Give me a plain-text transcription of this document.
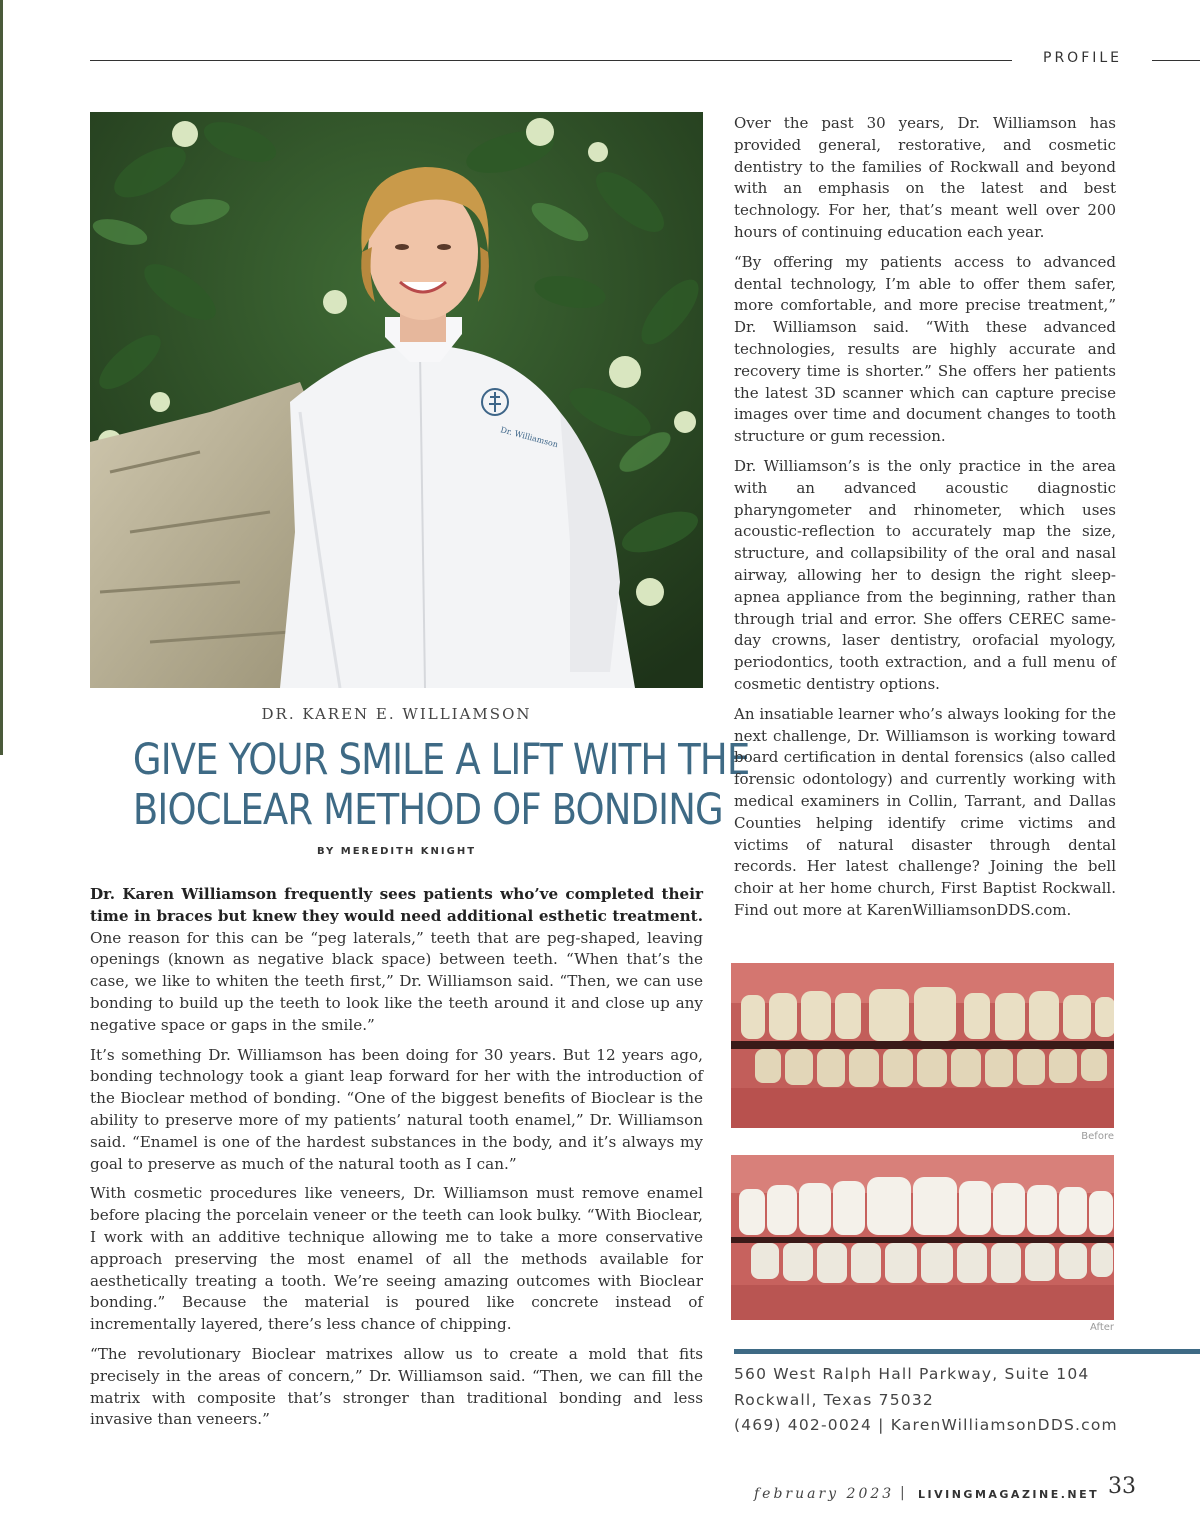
PROFILE
Dr. Williamson
DR. KAREN E. WILLIAMSON
GIVE YOUR SMILE A LIFT WITH THE
BIOCLEAR METHOD OF BONDING
BY MEREDITH KNIGHT

Dr. Karen Williamson frequently sees patients who’ve completed their time in braces but knew they would need additional esthetic treatment. One reason for this can be “peg laterals,” teeth that are peg-shaped, leaving openings (known as negative black space) between teeth. “When that’s the case, we like to whiten the teeth first,” Dr. Williamson said. “Then, we can use bonding to build up the teeth to look like the teeth around it and close up any negative space or gaps in the smile.”

It’s something Dr. Williamson has been doing for 30 years. But 12 years ago, bonding technology took a giant leap forward for her with the introduction of the Bioclear method of bonding. “One of the biggest benefits of Bioclear is the ability to preserve more of my patients’ natural tooth enamel,” Dr. Williamson said. “Enamel is one of the hardest substances in the body, and it’s always my goal to preserve as much of the natural tooth as I can.”

With cosmetic procedures like veneers, Dr. Williamson must remove enamel before placing the porcelain veneer or the teeth can look bulky. “With Bioclear, I work with an additive technique allowing me to take a more conservative approach preserving the most enamel of all the methods available for aesthetically treating a tooth. We’re seeing amazing outcomes with Bioclear bonding.” Because the material is poured like concrete instead of incrementally layered, there’s less chance of chipping.

“The revolutionary Bioclear matrixes allow us to create a mold that fits precisely in the areas of concern,” Dr. Williamson said. “Then, we can fill the matrix with composite that’s stronger than traditional bonding and less invasive than veneers.”

Over the past 30 years, Dr. Williamson has provided general, restorative, and cosmetic dentistry to the families of Rockwall and beyond with an emphasis on the latest and best technology. For her, that’s meant well over 200 hours of continuing education each year.

“By offering my patients access to advanced dental technology, I’m able to offer them safer, more comfortable, and more precise treatment,” Dr. Williamson said. “With these advanced technologies, results are highly accurate and recovery time is shorter.” She offers her patients the latest 3D scanner which can capture precise images over time and document changes to tooth structure or gum recession.

Dr. Williamson’s is the only practice in the area with an advanced acoustic diagnostic pharyngometer and rhinometer, which uses acoustic-reflection to accurately map the size, structure, and collapsibility of the oral and nasal airway, allowing her to design the right sleep-apnea appliance from the beginning, rather than through trial and error. She offers CEREC same-day crowns, laser dentistry, orofacial myology, periodontics, tooth extraction, and a full menu of cosmetic dentistry options.

An insatiable learner who’s always looking for the next challenge, Dr. Williamson is working toward board certification in dental forensics (also called forensic odontology) and currently working with medical examiners in Collin, Tarrant, and Dallas Counties helping identify crime victims and victims of natural disaster through dental records. Her latest challenge? Joining the bell choir at her home church, First Baptist Rockwall. Find out more at KarenWilliamsonDDS.com.

Before
After
560 West Ralph Hall Parkway, Suite 104
Rockwall, Texas 75032
(469) 402-0024 | KarenWilliamsonDDS.com
february 2023 | LIVINGMAGAZINE.NET 33
